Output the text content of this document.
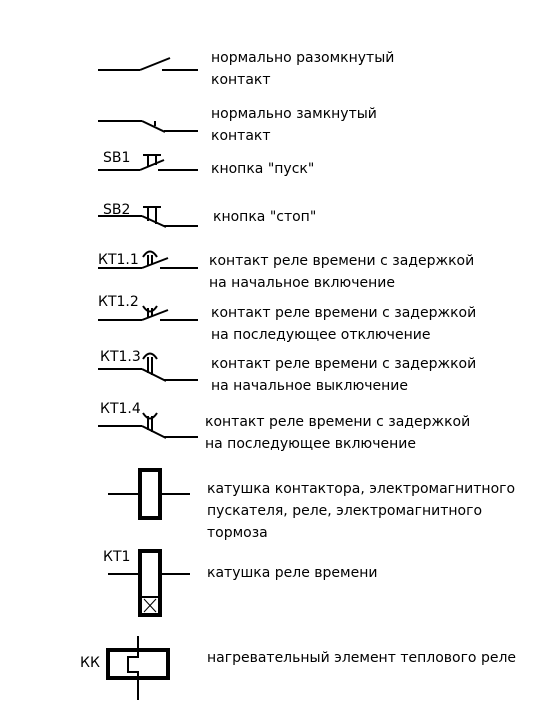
SB1
SB2
КТ1.1
КТ1.2
КТ1.3
КТ1.4
КТ1
КК
нормально разомкнутый
контакт
нормально замкнутый
контакт
кнопка "пуск"
кнопка "стоп"
контакт реле времени с задержкой
на начальное включение
контакт реле времени с задержкой
на последующее отключение
контакт реле времени с задержкой
на начальное выключение
контакт реле времени с задержкой
на последующее включение
катушка контактора, электромагнитного
пускателя, реле, электромагнитного
тормоза
катушка реле времени
нагревательный элемент теплового реле
